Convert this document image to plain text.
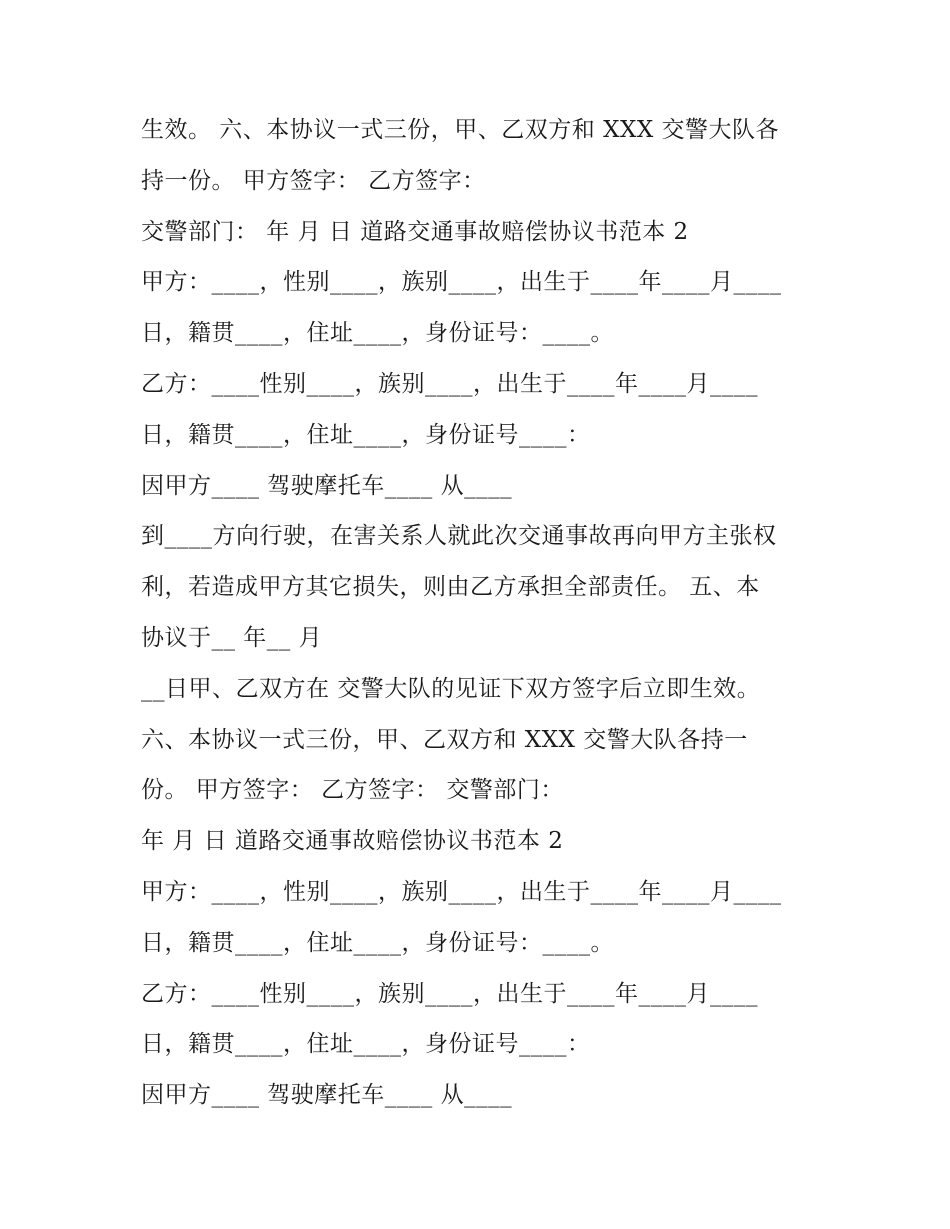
生效。 六、本协议一式三份，甲、乙双方和 XXX 交警大队各
持一份。 甲方签字： 乙方签字：
交警部门： 年 月 日 道路交通事故赔偿协议书范本 2
甲方：____，性别____，族别____，出生于____年____月____
日，籍贯____，住址____，身份证号：____。
乙方：____性别____，族别____，出生于____年____月____
日，籍贯____，住址____，身份证号____：
因甲方____ 驾驶摩托车____ 从____
到____方向行驶，在害关系人就此次交通事故再向甲方主张权
利，若造成甲方其它损失，则由乙方承担全部责任。 五、本
协议于__ 年__ 月
__日甲、乙双方在 交警大队的见证下双方签字后立即生效。
六、本协议一式三份，甲、乙双方和 XXX 交警大队各持一
份。 甲方签字： 乙方签字： 交警部门：
年 月 日 道路交通事故赔偿协议书范本 2
甲方：____，性别____，族别____，出生于____年____月____
日，籍贯____，住址____，身份证号：____。
乙方：____性别____，族别____，出生于____年____月____
日，籍贯____，住址____，身份证号____：
因甲方____ 驾驶摩托车____ 从____
